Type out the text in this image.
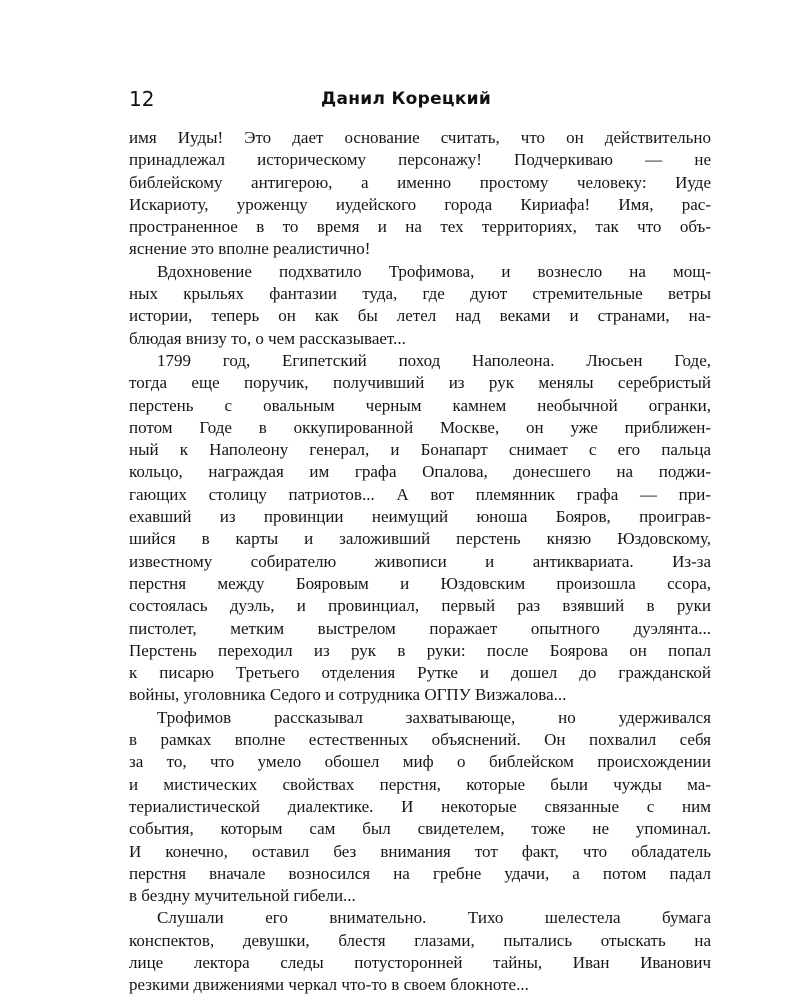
12	Данил Корецкий
имя Иуды! Это дает основание считать, что он действительно
принадлежал историческому персонажу! Подчеркиваю — не
библейскому антигерою, а именно простому человеку: Иуде
Искариоту, уроженцу иудейского города Кириафа! Имя, рас-
пространенное в то время и на тех территориях, так что объ-
яснение это вполне реалистично!
Вдохновение подхватило Трофимова, и вознесло на мощ-
ных крыльях фантазии туда, где дуют стремительные ветры
истории, теперь он как бы летел над веками и странами, на-
блюдая внизу то, о чем рассказывает...
1799 год, Египетский поход Наполеона. Люсьен Годе,
тогда еще поручик, получивший из рук менялы серебристый
перстень с овальным черным камнем необычной огранки,
потом Годе в оккупированной Москве, он уже приближен-
ный к Наполеону генерал, и Бонапарт снимает с его пальца
кольцо, награждая им графа Опалова, донесшего на поджи-
гающих столицу патриотов... А вот племянник графа — при-
ехавший из провинции неимущий юноша Бояров, проиграв-
шийся в карты и заложивший перстень князю Юздовскому,
известному собирателю живописи и антиквариата. Из-за
перстня между Бояровым и Юздовским произошла ссора,
состоялась дуэль, и провинциал, первый раз взявший в руки
пистолет, метким выстрелом поражает опытного дуэлянта...
Перстень переходил из рук в руки: после Боярова он попал
к писарю Третьего отделения Рутке и дошел до гражданской
войны, уголовника Седого и сотрудника ОГПУ Визжалова...
Трофимов рассказывал захватывающе, но удерживался
в рамках вполне естественных объяснений. Он похвалил себя
за то, что умело обошел миф о библейском происхождении
и мистических свойствах перстня, которые были чужды ма-
териалистической диалектике. И некоторые связанные с ним
события, которым сам был свидетелем, тоже не упоминал.
И конечно, оставил без внимания тот факт, что обладатель
перстня вначале возносился на гребне удачи, а потом падал
в бездну мучительной гибели...
Слушали его внимательно. Тихо шелестела бумага
конспектов, девушки, блестя глазами, пытались отыскать на
лице лектора следы потусторонней тайны, Иван Иванович
резкими движениями черкал что-то в своем блокноте...
